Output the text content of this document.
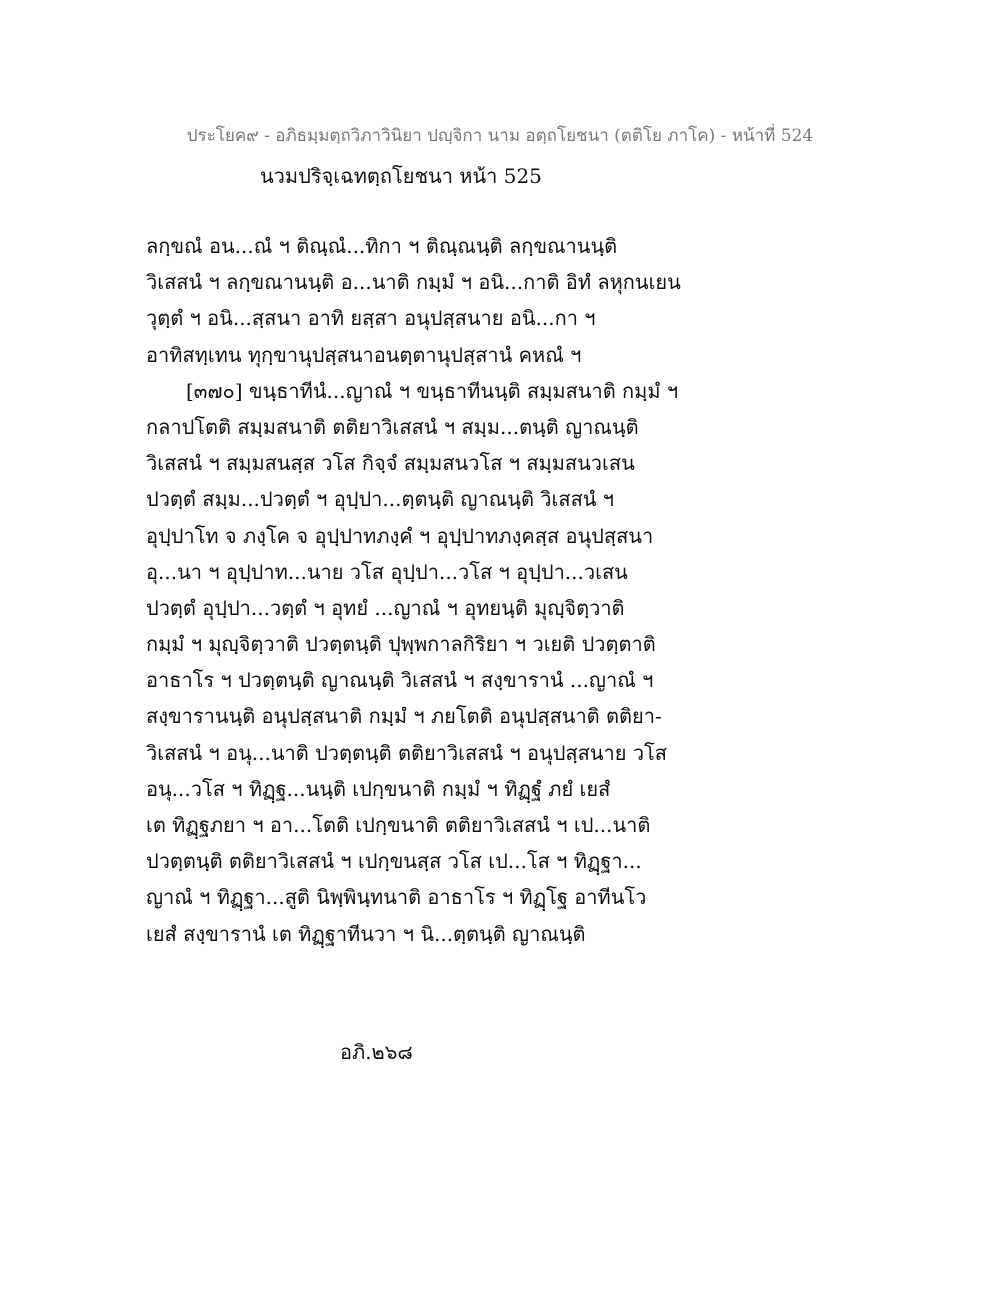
ประโยค๙ - อภิธมฺมตฺถวิภาวินิยา ปญฺจิกา นาม อตฺถโยชนา (ตติโย ภาโค) - หน้าที่ 524
นวมปริจฺเฉทตฺถโยชนา หน้า 525
ลกฺขณํ อน...ณํ ฯ ติณฺณํ...ทิกา ฯ ติณฺณนฺติ ลกฺขณานนฺติ
วิเสสนํ ฯ ลกฺขณานนฺติ อ...นาติ กมฺมํ ฯ อนิ...กาติ อิทํ ลหุกนเยน
วุตฺตํ ฯ อนิ...สฺสนา อาทิ ยสฺสา อนุปสฺสนาย อนิ...กา ฯ
อาทิสทฺเทน ทุกฺขานุปสฺสนาอนตฺตานุปสฺสานํ คหณํ ฯ
[๓๗๐] ขนฺธาทีนํ...ญาณํ ฯ ขนฺธาทีนนฺติ สมฺมสนาติ กมฺมํ ฯ
กลาปโตติ สมฺมสนาติ ตติยาวิเสสนํ ฯ สมฺม...ตนฺติ ญาณนฺติ
วิเสสนํ ฯ สมฺมสนสฺส วโส กิจฺจํ สมฺมสนวโส ฯ สมฺมสนวเสน
ปวตฺตํ สมฺม...ปวตฺตํ ฯ อุปฺปา...ตฺตนฺติ ญาณนฺติ วิเสสนํ ฯ
อุปฺปาโท จ ภงฺโค จ อุปฺปาทภงฺคํ ฯ อุปฺปาทภงฺคสฺส อนุปสฺสนา
อุ...นา ฯ อุปฺปาท...นาย วโส อุปฺปา...วโส ฯ อุปฺปา...วเสน
ปวตฺตํ อุปฺปา...วตฺตํ ฯ อุทยํ ...ญาณํ ฯ อุทยนฺติ มุญฺจิตฺวาติ
กมฺมํ ฯ มุญฺจิตฺวาติ ปวตฺตนฺติ ปุพฺพกาลกิริยา ฯ วเยติ ปวตฺตาติ
อาธาโร ฯ ปวตฺตนฺติ ญาณนฺติ วิเสสนํ ฯ สงฺขารานํ ...ญาณํ ฯ
สงฺขารานนฺติ อนุปสฺสนาติ กมฺมํ ฯ ภยโตติ อนุปสฺสนาติ ตติยา-
วิเสสนํ ฯ อนุ...นาติ ปวตฺตนฺติ ตติยาวิเสสนํ ฯ อนุปสฺสนาย วโส
อนุ...วโส ฯ ทิฏฺฐ...นนฺติ เปกฺขนาติ กมฺมํ ฯ ทิฏฺฐํ ภยํ เยสํ
เต ทิฏฺฐภยา ฯ อา...โตติ เปกฺขนาติ ตติยาวิเสสนํ ฯ เป...นาติ
ปวตฺตนฺติ ตติยาวิเสสนํ ฯ เปกฺขนสฺส วโส เป...โส ฯ ทิฏฺฐา...
ญาณํ ฯ ทิฏฺฐา...สูติ นิพฺพินฺทนาติ อาธาโร ฯ ทิฏฺโฐ อาทีนโว
เยสํ สงฺขารานํ เต ทิฏฺฐาทีนวา ฯ นิ...ตฺตนฺติ ญาณนฺติ
อภิ.๒๖๘
